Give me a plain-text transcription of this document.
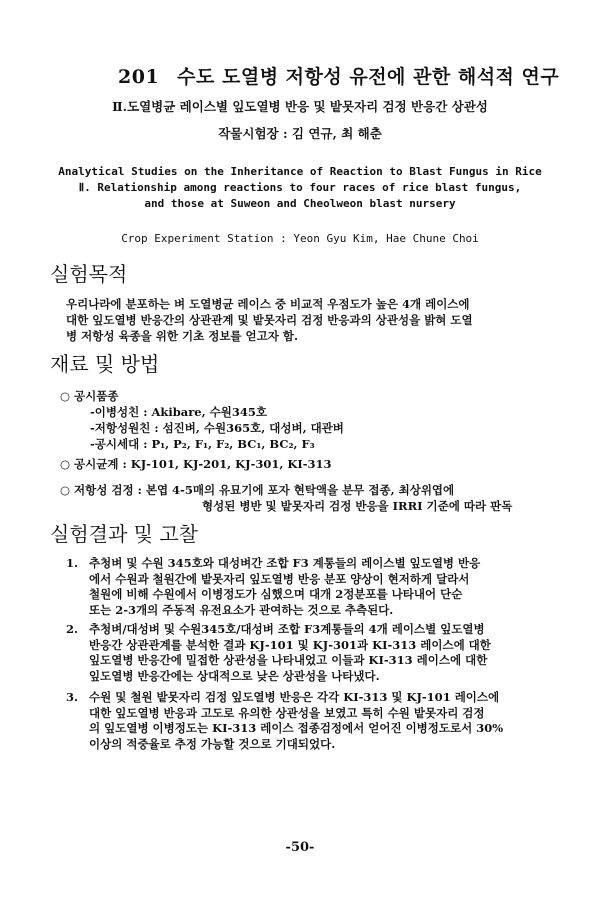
201 수도 도열병 저항성 유전에 관한 해석적 연구
Ⅱ.도열병균 레이스별 잎도열병 반응 및 밭못자리 검정 반응간 상관성
작물시험장 : 김 연규, 최 해춘
Analytical Studies on the Inheritance of Reaction to Blast Fungus in Rice
Ⅱ. Relationship among reactions to four races of rice blast fungus,
and those at Suweon and Cheolweon blast nursery
Crop Experiment Station : Yeon Gyu Kim, Hae Chune Choi
실험목적
우리나라에 분포하는 벼 도열병균 레이스 중 비교적 우점도가 높은 4개 레이스에
대한 잎도열병 반응간의 상관관계 및 밭못자리 검정 반응과의 상관성을 밝혀 도열
병 저항성 육종을 위한 기초 정보를 얻고자 함.
재료 및 방법
○ 공시품종
-이병성친 : Akibare, 수원345호
-저항성원친 : 섬진벼, 수원365호, 대성벼, 대관벼
-공시세대 : P₁, P₂, F₁, F₂, BC₁, BC₂, F₃
○ 공시균계 : KJ-101, KJ-201, KJ-301, KI-313
○ 저항성 검정 : 본엽 4-5매의 유묘기에 포자 현탁액을 분무 접종, 최상위엽에
형성된 병반 및 밭못자리 검정 반응을 IRRI 기준에 따라 판독
실험결과 및 고찰
1. 추청벼 및 수원 345호와 대성벼간 조합 F3 계통들의 레이스별 잎도열병 반응
에서 수원과 철원간에 밭못자리 잎도열병 반응 분포 양상이 현저하게 달라서
철원에 비해 수원에서 이병정도가 심했으며 대개 2정분포를 나타내어 단순
또는 2-3개의 주동적 유전요소가 관여하는 것으로 추측된다.
2. 추청벼/대성벼 및 수원345호/대성벼 조합 F3계통들의 4개 레이스별 잎도열병
반응간 상관관계를 분석한 결과 KJ-101 및 KJ-301과 KI-313 레이스에 대한
잎도열병 반응간에 밀접한 상관성을 나타내었고 이들과 KI-313 레이스에 대한
잎도열병 반응간에는 상대적으로 낮은 상관성을 나타냈다.
3. 수원 및 철원 밭못자리 검정 잎도열병 반응은 각각 KI-313 및 KJ-101 레이스에
대한 잎도열병 반응과 고도로 유의한 상관성을 보였고 특히 수원 밭못자리 검정
의 잎도열병 이병정도는 KI-313 레이스 접종검정에서 얻어진 이병정도로서 30%
이상의 적중율로 추정 가능할 것으로 기대되었다.
-50-
